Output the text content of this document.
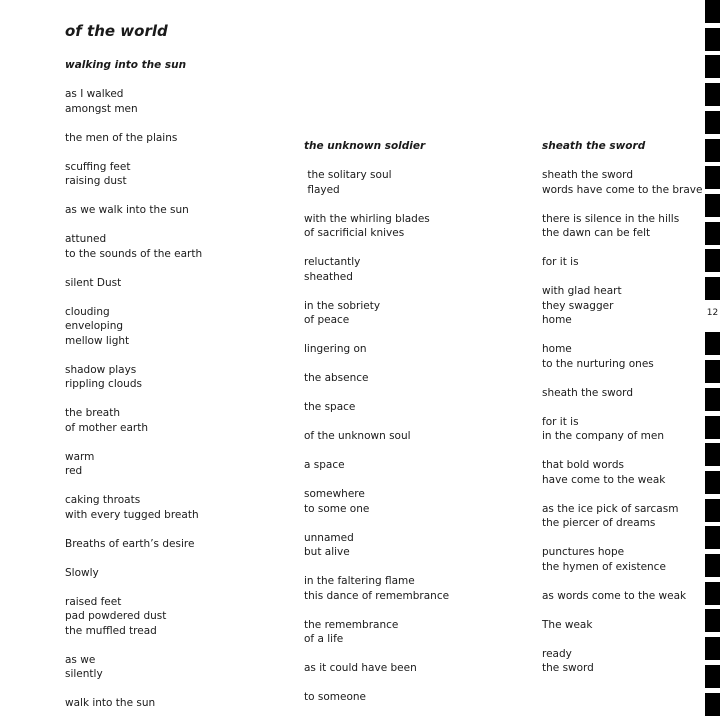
of the world
walking into the sun
as I walked
amongst men
the men of the plains
scuffing feet
raising dust
as we walk into the sun
attuned
to the sounds of the earth
silent Dust
clouding
enveloping
mellow light
shadow plays
rippling clouds
the breath
of mother earth
warm
red
caking throats
with every tugged breath
Breaths of earth’s desire
Slowly
raised feet
pad powdered dust
the muffled tread
as we
silently
walk into the sun
the unknown soldier
the solitary soul
flayed
with the whirling blades
of sacrificial knives
reluctantly
sheathed
in the sobriety
of peace
lingering on
the absence
the space
of the unknown soul
a space
somewhere
to some one
unnamed
but alive
in the faltering flame
this dance of remembrance
the remembrance
of a life
as it could have been
to someone
sheath the sword
sheath the sword
words have come to the brave
there is silence in the hills
the dawn can be felt
for it is
with glad heart
they swagger
home
home
to the nurturing ones
sheath the sword
for it is
in the company of men
that bold words
have come to the weak
as the ice pick of sarcasm
the piercer of dreams
punctures hope
the hymen of existence
as words come to the weak
The weak
ready
the sword
12
